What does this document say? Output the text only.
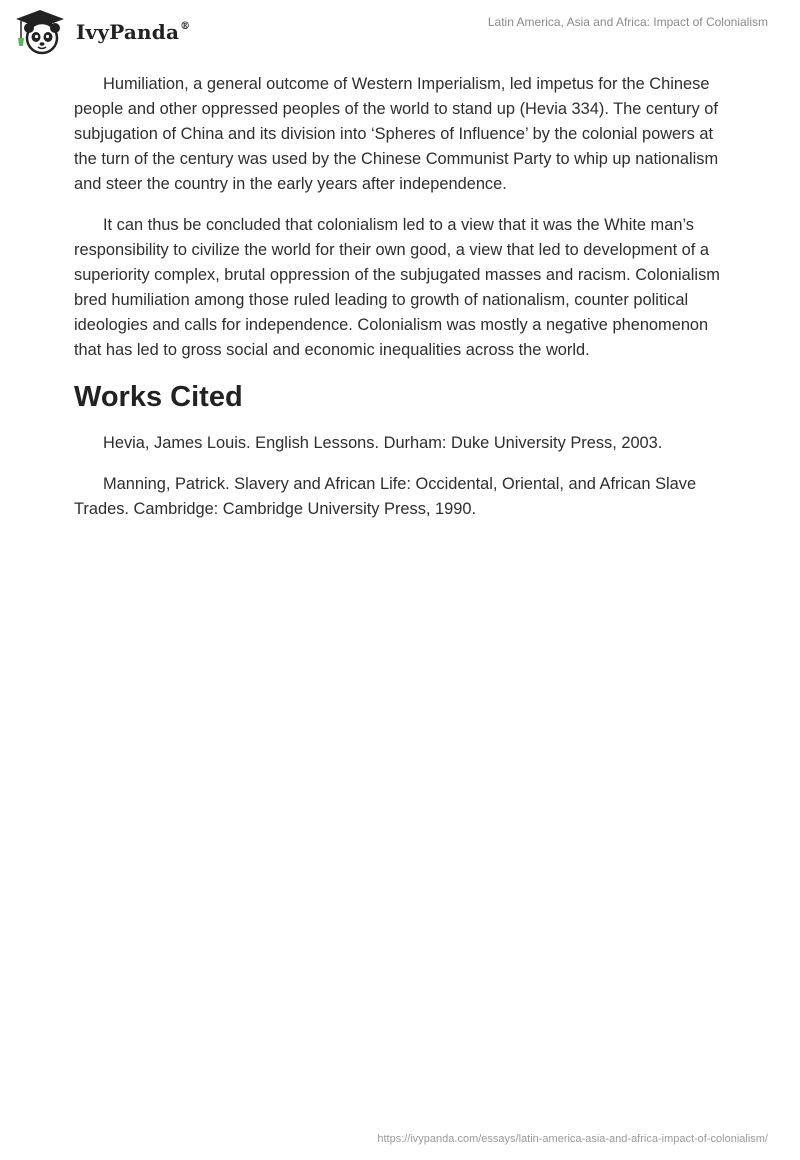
IvyPanda®	Latin America, Asia and Africa: Impact of Colonialism

Humiliation, a general outcome of Western Imperialism, led impetus for the Chinese people and other oppressed peoples of the world to stand up (Hevia 334). The century of subjugation of China and its division into ‘Spheres of Influence’ by the colonial powers at the turn of the century was used by the Chinese Communist Party to whip up nationalism and steer the country in the early years after independence.

It can thus be concluded that colonialism led to a view that it was the White man’s responsibility to civilize the world for their own good, a view that led to development of a superiority complex, brutal oppression of the subjugated masses and racism. Colonialism bred humiliation among those ruled leading to growth of nationalism, counter political ideologies and calls for independence. Colonialism was mostly a negative phenomenon that has led to gross social and economic inequalities across the world.

Works Cited

Hevia, James Louis. English Lessons. Durham: Duke University Press, 2003.

Manning, Patrick. Slavery and African Life: Occidental, Oriental, and African Slave Trades. Cambridge: Cambridge University Press, 1990.

https://ivypanda.com/essays/latin-america-asia-and-africa-impact-of-colonialism/
